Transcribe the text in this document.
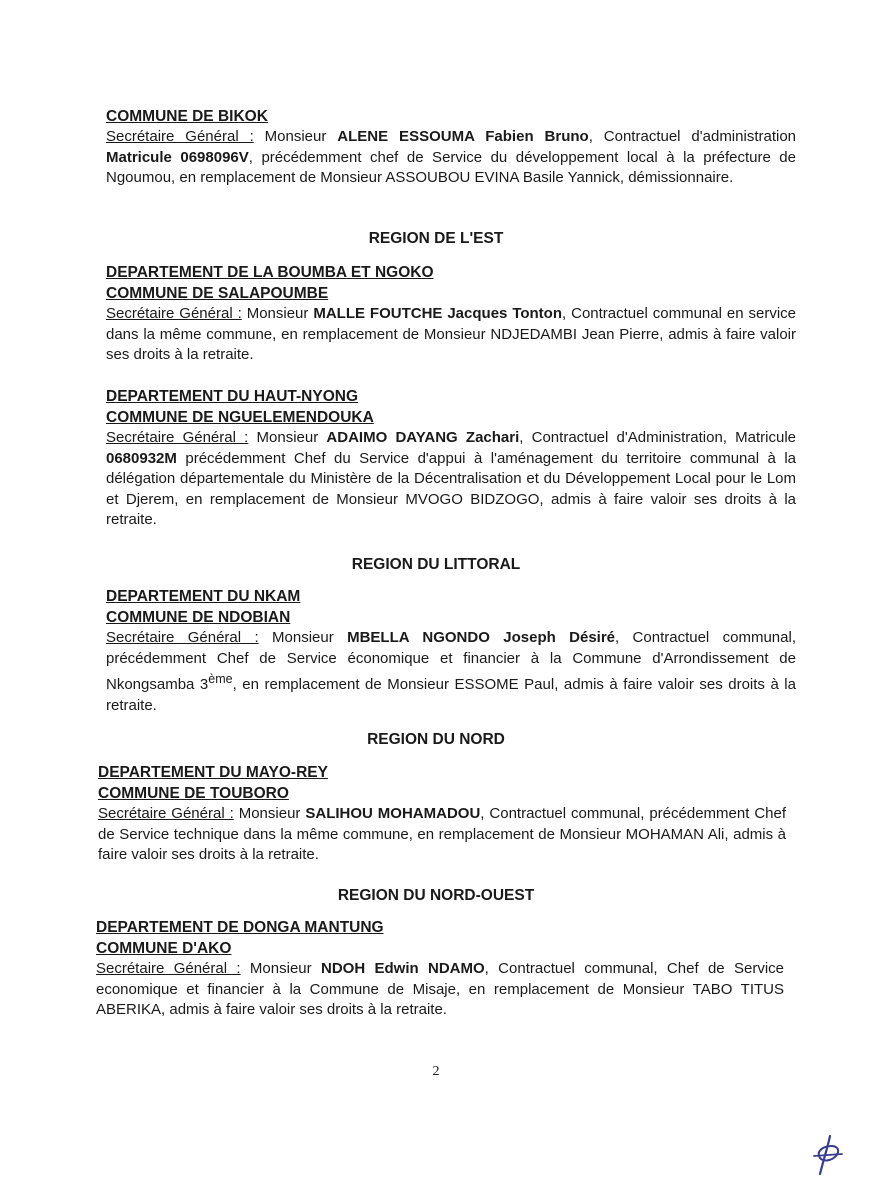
COMMUNE DE BIKOK

Secrétaire Général : Monsieur ALENE ESSOUMA Fabien Bruno, Contractuel d'administration Matricule 0698096V, précédemment chef de Service du développement local à la préfecture de Ngoumou, en remplacement de Monsieur ASSOUBOU EVINA Basile Yannick, démissionnaire.

REGION DE L'EST

DEPARTEMENT DE LA BOUMBA ET NGOKO

COMMUNE DE SALAPOUMBE

Secrétaire Général : Monsieur MALLE FOUTCHE Jacques Tonton, Contractuel communal en service dans la même commune, en remplacement de Monsieur NDJEDAMBI Jean Pierre, admis à faire valoir ses droits à la retraite.

DEPARTEMENT DU HAUT-NYONG

COMMUNE DE NGUELEMENDOUKA

Secrétaire Général : Monsieur ADAIMO DAYANG Zachari, Contractuel d'Administration, Matricule 0680932M précédemment Chef du Service d'appui à l'aménagement du territoire communal à la délégation départementale du Ministère de la Décentralisation et du Développement Local pour le Lom et Djerem, en remplacement de Monsieur MVOGO BIDZOGO, admis à faire valoir ses droits à la retraite.

REGION DU LITTORAL

DEPARTEMENT DU NKAM

COMMUNE DE NDOBIAN

Secrétaire Général : Monsieur MBELLA NGONDO Joseph Désiré, Contractuel communal, précédemment Chef de Service économique et financier à la Commune d'Arrondissement de Nkongsamba 3ème, en remplacement de Monsieur ESSOME Paul, admis à faire valoir ses droits à la retraite.

REGION DU NORD

DEPARTEMENT DU MAYO-REY

COMMUNE DE TOUBORO

Secrétaire Général : Monsieur SALIHOU MOHAMADOU, Contractuel communal, précédemment Chef de Service technique dans la même commune, en remplacement de Monsieur MOHAMAN Ali, admis à faire valoir ses droits à la retraite.

REGION DU NORD-OUEST

DEPARTEMENT DE DONGA MANTUNG

COMMUNE D'AKO

Secrétaire Général : Monsieur NDOH Edwin NDAMO, Contractuel communal, Chef de Service economique et financier à la Commune de Misaje, en remplacement de Monsieur TABO TITUS ABERIKA, admis à faire valoir ses droits à la retraite.

2
